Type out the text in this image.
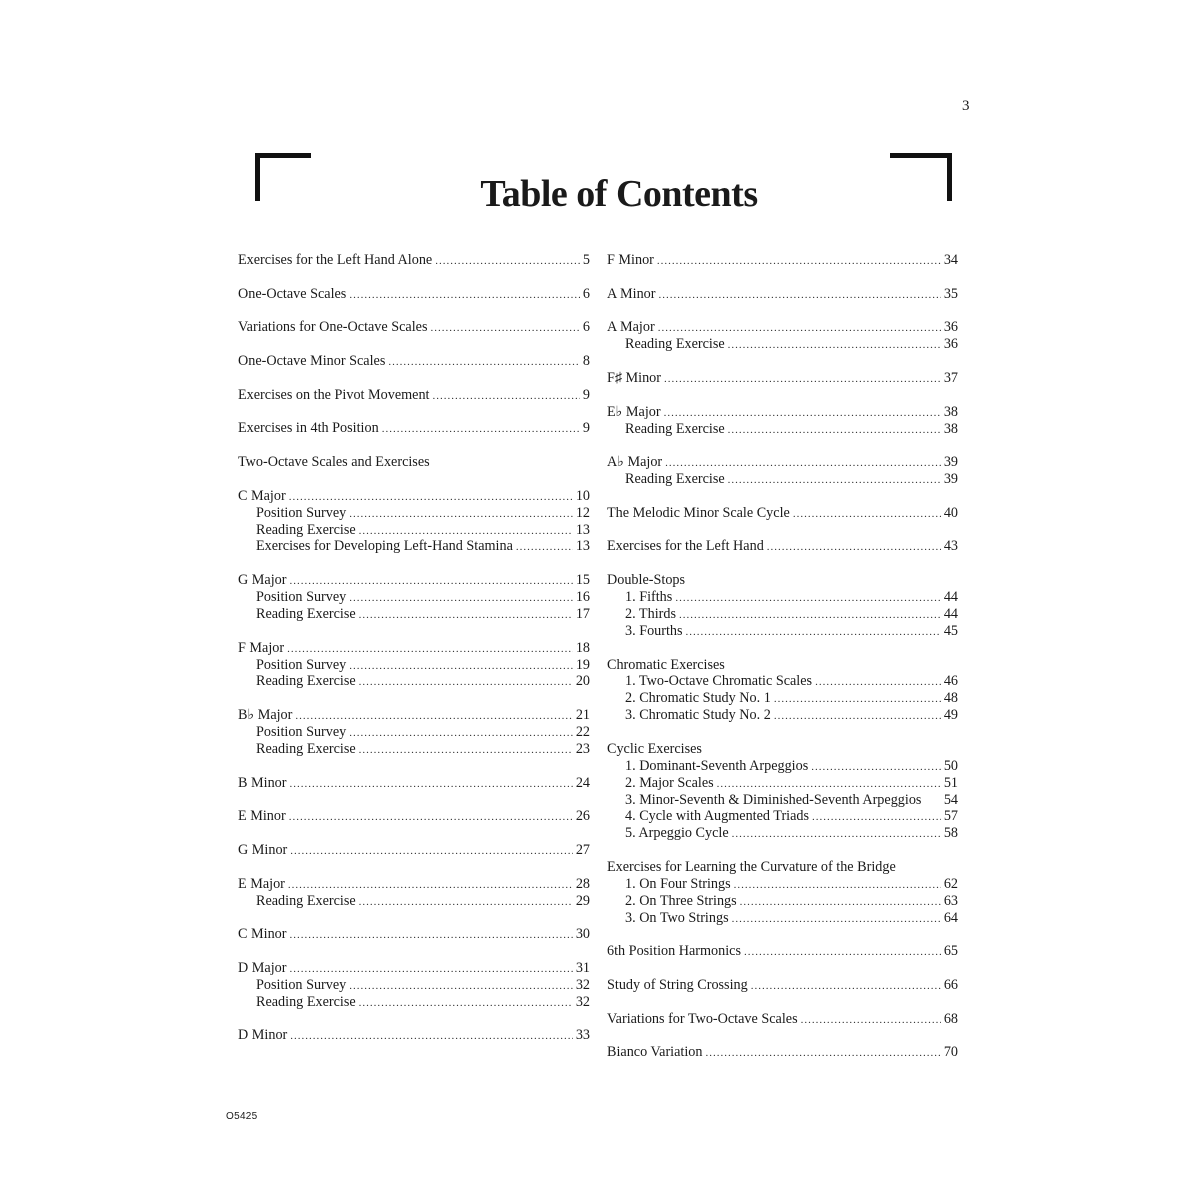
3
Table of Contents
Exercises for the Left Hand Alone .....	5
One-Octave Scales .....	6
Variations for One-Octave Scales .....	6
One-Octave Minor Scales .....	8
Exercises on the Pivot Movement .....	9
Exercises in 4th Position .....	9
Two-Octave Scales and Exercises
C Major .....	10
Position Survey .....	12
Reading Exercise .....	13
Exercises for Developing Left-Hand Stamina .....	13
G Major .....	15
Position Survey .....	16
Reading Exercise .....	17
F Major .....	18
Position Survey .....	19
Reading Exercise .....	20
B♭ Major .....	21
Position Survey .....	22
Reading Exercise .....	23
B Minor .....	24
E Minor .....	26
G Minor .....	27
E Major .....	28
Reading Exercise .....	29
C Minor .....	30
D Major .....	31
Position Survey .....	32
Reading Exercise .....	32
D Minor .....	33
F Minor .....	34
A Minor .....	35
A Major .....	36
Reading Exercise .....	36
F♯ Minor .....	37
E♭ Major .....	38
Reading Exercise .....	38
A♭ Major .....	39
Reading Exercise .....	39
The Melodic Minor Scale Cycle .....	40
Exercises for the Left Hand .....	43
Double-Stops
1. Fifths .....	44
2. Thirds .....	44
3. Fourths .....	45
Chromatic Exercises
1. Two-Octave Chromatic Scales .....	46
2. Chromatic Study No. 1 .....	48
3. Chromatic Study No. 2 .....	49
Cyclic Exercises
1. Dominant-Seventh Arpeggios .....	50
2. Major Scales .....	51
3. Minor-Seventh & Diminished-Seventh Arpeggios 54
4. Cycle with Augmented Triads .....	57
5. Arpeggio Cycle .....	58
Exercises for Learning the Curvature of the Bridge
1. On Four Strings .....	62
2. On Three Strings .....	63
3. On Two Strings .....	64
6th Position Harmonics .....	65
Study of String Crossing .....	66
Variations for Two-Octave Scales .....	68
Bianco Variation .....	70
O5425
